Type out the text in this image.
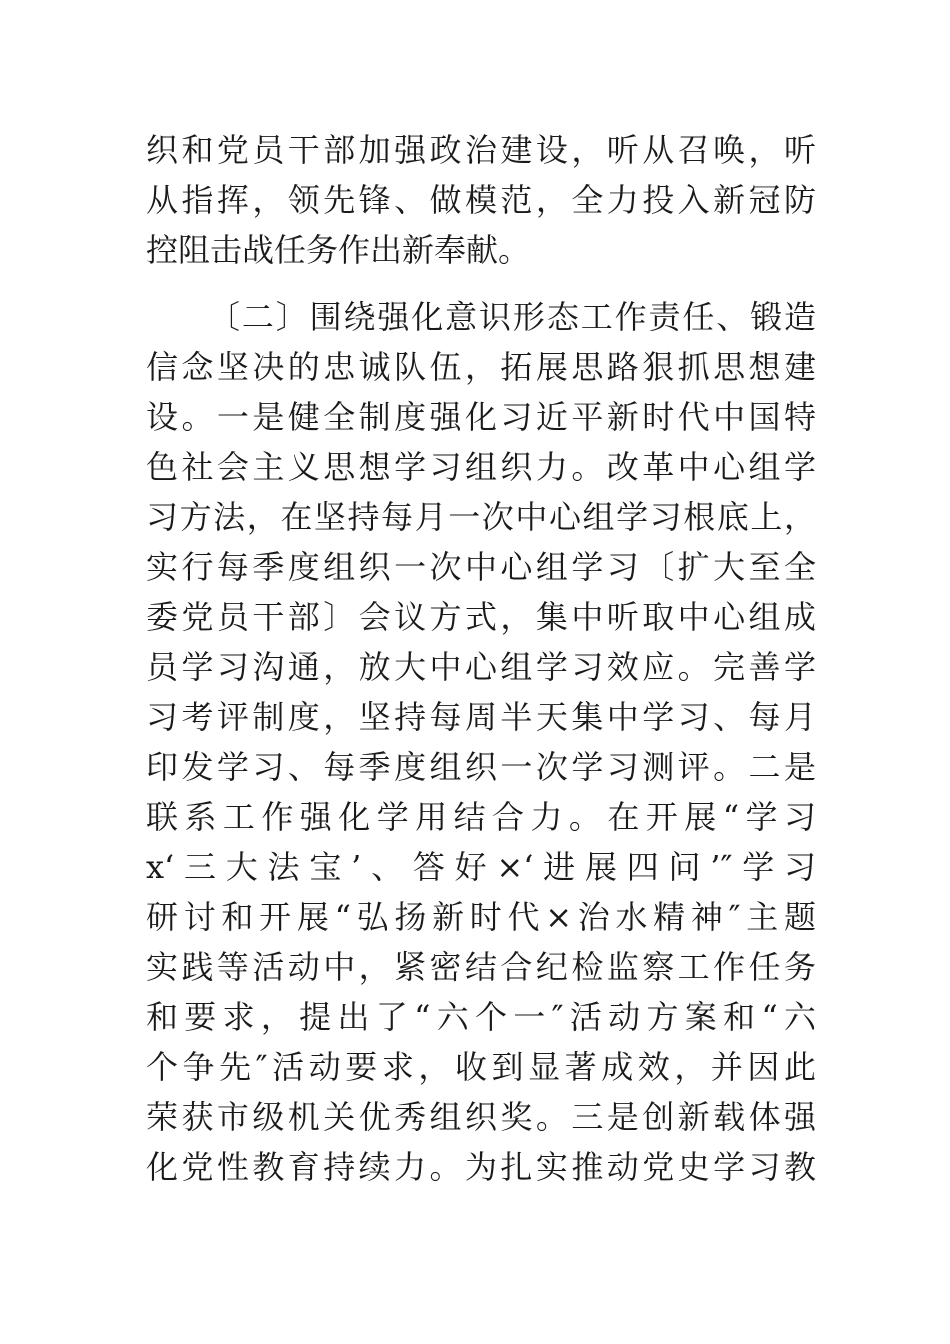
织和党员干部加强政治建设，听从召唤，听
从指挥，领先锋、做模范，全力投入新冠防
控阻击战任务作出新奉献。
〔二〕围绕强化意识形态工作责任、锻造
信念坚决的忠诚队伍，拓展思路狠抓思想建
设。一是健全制度强化习近平新时代中国特
色社会主义思想学习组织力。改革中心组学
习方法，在坚持每月一次中心组学习根底上，
实行每季度组织一次中心组学习〔扩大至全
委党员干部〕会议方式，集中听取中心组成
员学习沟通，放大中心组学习效应。完善学
习考评制度，坚持每周半天集中学习、每月
印发学习、每季度组织一次学习测评。二是
联系工作强化学用结合力。在开展“学习
x‘三大法宝’、答好×‘进展四问’″学习
研讨和开展“弘扬新时代×治水精神″主题
实践等活动中，紧密结合纪检监察工作任务
和要求，提出了“六个一″活动方案和“六
个争先″活动要求，收到显著成效，并因此
荣获市级机关优秀组织奖。三是创新载体强
化党性教育持续力。为扎实推动党史学习教
